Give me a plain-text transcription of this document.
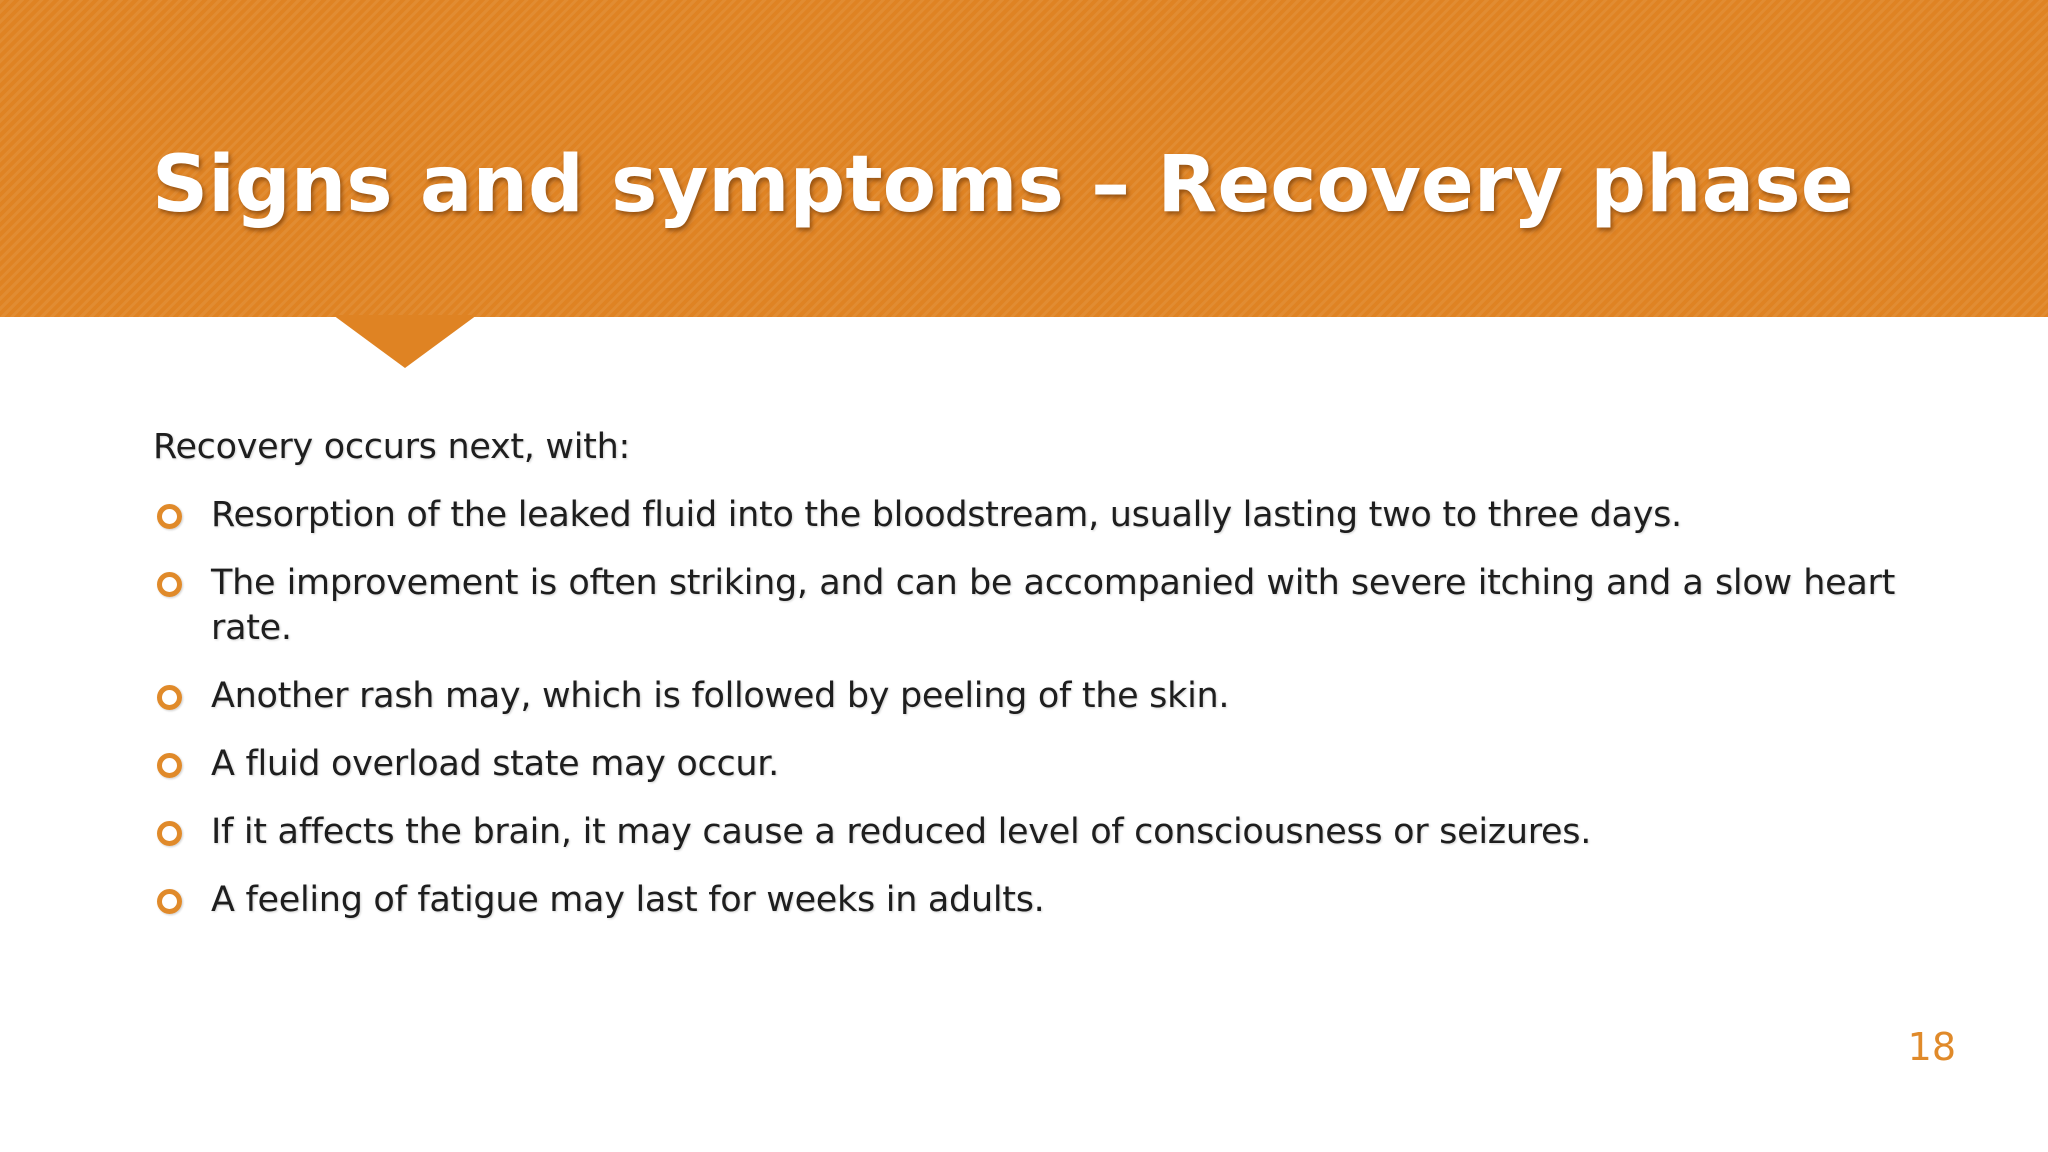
Signs and symptoms – Recovery phase

Recovery occurs next, with:

Resorption of the leaked fluid into the bloodstream, usually lasting two to three days.
The improvement is often striking, and can be accompanied with severe itching and a slow heart rate.
Another rash may, which is followed by peeling of the skin.
A fluid overload state may occur.
If it affects the brain, it may cause a reduced level of consciousness or seizures.
A feeling of fatigue may last for weeks in adults.
18
